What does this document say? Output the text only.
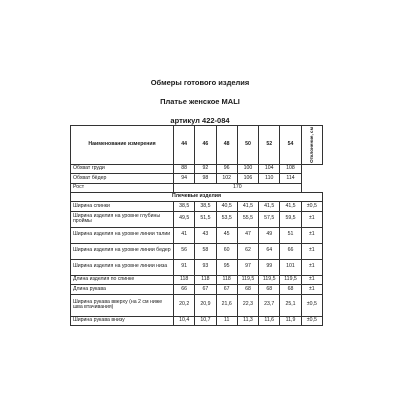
Обмеры готового изделия
Платье женское MALI
артикул 422-084
Наименование измерения	44	46	48	50	52	54	Отклонение, см
Обхват груди	88	92	96	100	104	108	
Обхват бёдер	94	98	102	106	110	114	
Рост	170						
Плечевые изделия							
Ширина спинки	38,5	38,5	40,5	41,5	41,5	41,5	±0,5
Ширина изделия на уровне глубины проймы	49,5	51,5	53,5	55,5	57,5	59,5	±1
Ширина изделия на уровне линии талии	41	43	45	47	49	51	±1
Ширина изделия на уровне линии бедер	56	58	60	62	64	66	±1
Ширина изделия на уровне линии низа	91	93	95	97	99	101	±1
Длина изделия по спинке	118	118	118	119,5	119,5	119,5	±1
Длина рукава	66	67	67	68	68	68	±1
Ширина рукава вверху (на 2 см ниже шва втачивания)	20,2	20,9	21,6	22,3	23,7	25,1	±0,5
Ширина рукава внизу	10,4	10,7	11	11,3	11,6	11,9	±0,5
